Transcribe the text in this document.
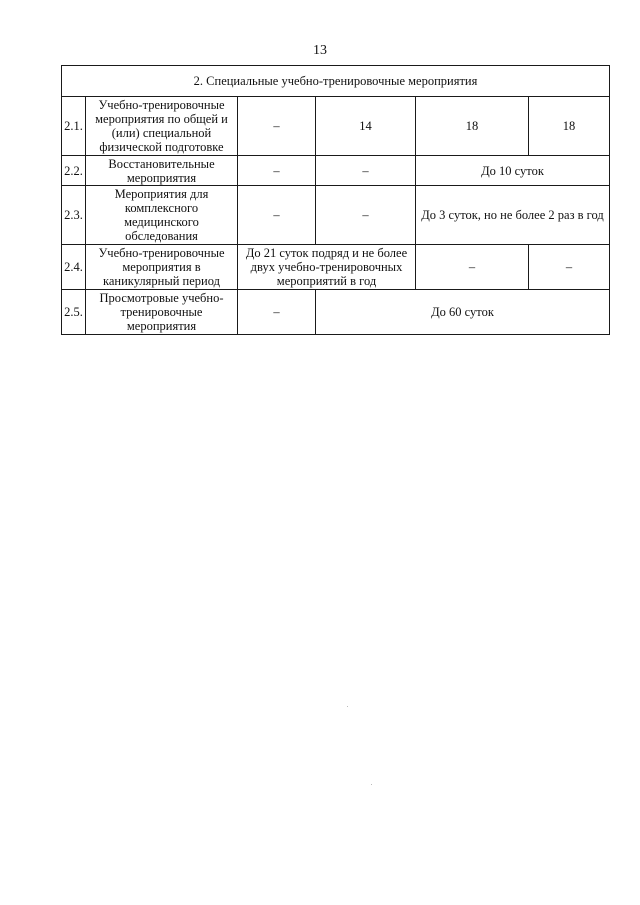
13
2. Специальные учебно-тренировочные мероприятия					
2.1.	Учебно-тренировочные мероприятия по общей и (или) специальной физической подготовке	–	14	18	18
2.2.	Восстановительные мероприятия	–	–	До 10 суток	
2.3.	Мероприятия для комплексного медицинского обследования	–	–	До 3 суток, но не более 2 раз в год	
2.4.	Учебно-тренировочные мероприятия в каникулярный период	До 21 суток подряд и не более двух учебно-тренировочных мероприятий в год		–	–
2.5.	Просмотровые учебно-тренировочные мероприятия	–	До 60 суток		
